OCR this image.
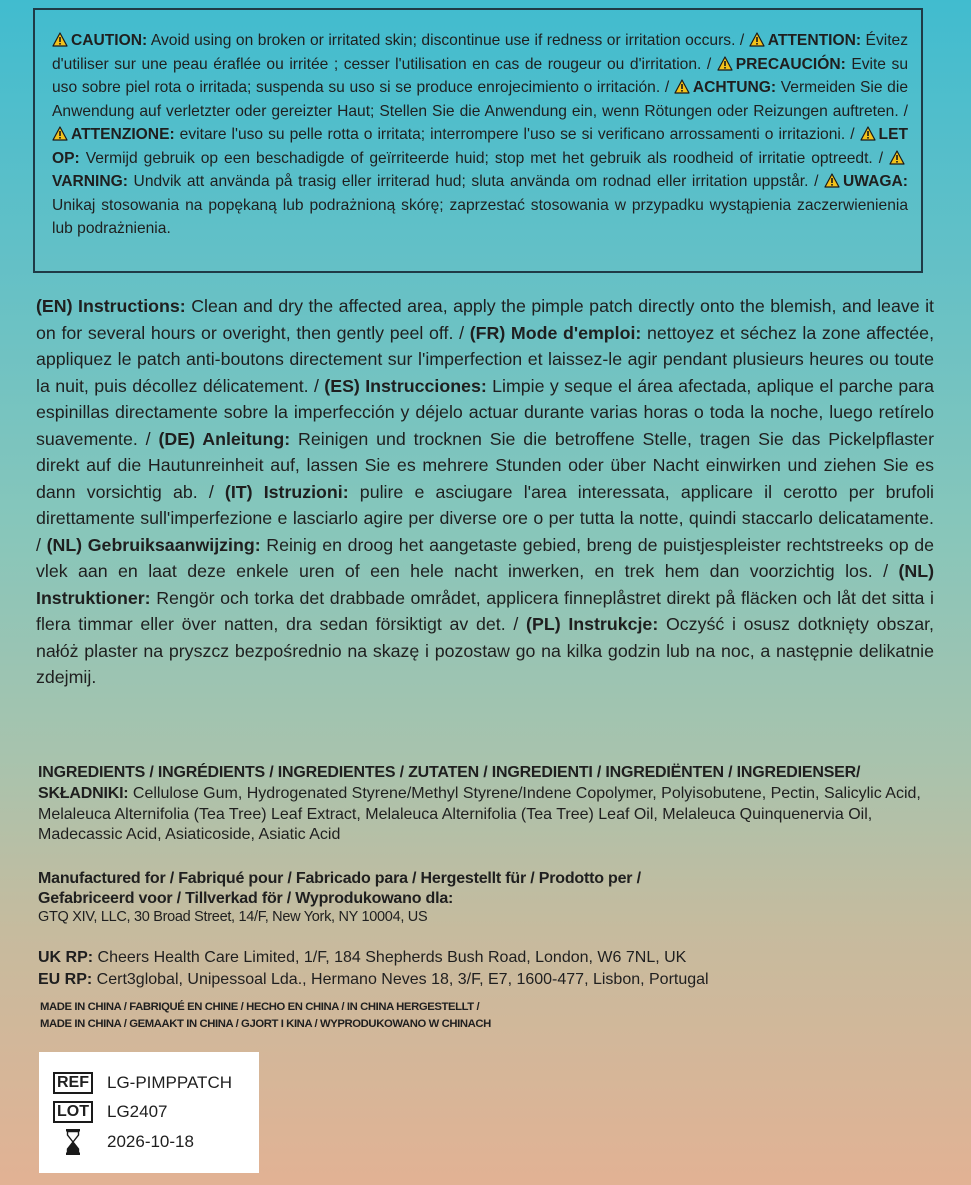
CAUTION: Avoid using on broken or irritated skin; discontinue use if redness or irritation occurs. / ATTENTION: Évitez d'utiliser sur une peau éraflée ou irritée ; cesser l'utilisation en cas de rougeur ou d'irritation. / PRECAUCIÓN: Evite su uso sobre piel rota o irritada; suspenda su uso si se produce enrojecimiento o irritación. / ACHTUNG: Vermeiden Sie die Anwendung auf verletzter oder gereizter Haut; Stellen Sie die Anwendung ein, wenn Rötungen oder Reizungen auftreten. / ATTENZIONE: evitare l'uso su pelle rotta o irritata; interrompere l'uso se si verificano arrossamenti o irritazioni. / LET OP: Vermijd gebruik op een beschadigde of geïrriteerde huid; stop met het gebruik als roodheid of irritatie optreedt. / VARNING: Undvik att använda på trasig eller irriterad hud; sluta använda om rodnad eller irritation uppstår. / UWAGA: Unikaj stosowania na popękaną lub podrażnioną skórę; zaprzestać stosowania w przypadku wystąpienia zaczerwienienia lub podrażnienia.
(EN) Instructions: Clean and dry the affected area, apply the pimple patch directly onto the blemish, and leave it on for several hours or overight, then gently peel off. / (FR) Mode d'emploi: nettoyez et séchez la zone affectée, appliquez le patch anti-boutons directement sur l'imperfection et laissez-le agir pendant plusieurs heures ou toute la nuit, puis décollez délicatement. / (ES) Instrucciones: Limpie y seque el área afectada, aplique el parche para espinillas directamente sobre la imperfección y déjelo actuar durante varias horas o toda la noche, luego retírelo suavemente. / (DE) Anleitung: Reinigen und trocknen Sie die betroffene Stelle, tragen Sie das Pickelpflaster direkt auf die Hautunreinheit auf, lassen Sie es mehrere Stunden oder über Nacht einwirken und ziehen Sie es dann vorsichtig ab. / (IT) Istruzioni: pulire e asciugare l'area interessata, applicare il cerotto per brufoli direttamente sull'imperfezione e lasciarlo agire per diverse ore o per tutta la notte, quindi staccarlo delicatamente. / (NL) Gebruiksaanwijzing: Reinig en droog het aangetaste gebied, breng de puistjespleister rechtstreeks op de vlek aan en laat deze enkele uren of een hele nacht inwerken, en trek hem dan voorzichtig los. / (NL) Instruktioner: Rengör och torka det drabbade området, applicera finneplåstret direkt på fläcken och låt det sitta i flera timmar eller över natten, dra sedan försiktigt av det. / (PL) Instrukcje: Oczyść i osusz dotknięty obszar, nałóż plaster na pryszcz bezpośrednio na skazę i pozostaw go na kilka godzin lub na noc, a następnie delikatnie zdejmij.
INGREDIENTS / INGRÉDIENTS / INGREDIENTES / ZUTATEN / INGREDIENTI / INGREDIËNTEN / INGREDIENSER/ SKŁADNIKI: Cellulose Gum, Hydrogenated Styrene/Methyl Styrene/Indene Copolymer, Polyisobutene, Pectin, Salicylic Acid, Melaleuca Alternifolia (Tea Tree) Leaf Extract, Melaleuca Alternifolia (Tea Tree) Leaf Oil, Melaleuca Quinquenervia Oil, Madecassic Acid, Asiaticoside, Asiatic Acid
Manufactured for / Fabriqué pour / Fabricado para / Hergestellt für / Prodotto per /
Gefabriceerd voor / Tillverkad för / Wyprodukowano dla:
GTQ XIV, LLC, 30 Broad Street, 14/F, New York, NY 10004, US
UK RP: Cheers Health Care Limited, 1/F, 184 Shepherds Bush Road, London, W6 7NL, UK
EU RP: Cert3global, Unipessoal Lda., Hermano Neves 18, 3/F, E7, 1600-477, Lisbon, Portugal
MADE IN CHINA / FABRIQUÉ EN CHINE / HECHO EN CHINA / IN CHINA HERGESTELLT /
MADE IN CHINA / GEMAAKT IN CHINA / GJORT I KINA / WYPRODUKOWANO W CHINACH
REF LG-PIMPPATCH
LOT LG2407
2026-10-18
